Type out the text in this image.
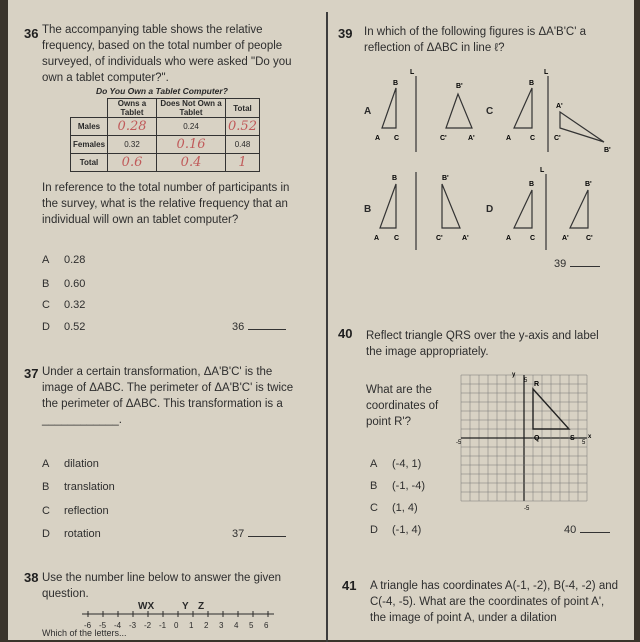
36 The accompanying table shows the relative frequency, based on the total number of people surveyed, of individuals who were asked "Do you own a tablet computer?".
Do You Own a Tablet Computer?
	Owns a Tablet	Does Not Own a Tablet	Total
Males	0.28	0.24	0.52
Females	0.32	0.16	0.48
Total	0.6	0.4	1
In reference to the total number of participants in the survey, what is the relative frequency that an individual will own an tablet computer?
A 0.28
B 0.60
C 0.32
D 0.52	36
37 Under a certain transformation, ΔA'B'C' is the image of ΔABC. The perimeter of ΔA'B'C' is twice the perimeter of ΔABC. This transformation is a ____________.
A dilation
B translation
C reflection
D rotation	37
38 Use the number line below to answer the given question.
WX	Y Z
-6 -5 -4 -3 -2 -1 0 1 2 3 4 5 6
Which of the letters...
39 In which of the following figures is ΔA'B'C' a reflection of ΔABC in line ℓ?
A	C
B	D
L
B
A C
B'
C'	A'
L
B
A	C
A'
C'
B'
B
A C
B'
C'	A'
L
B
A	C
B'
A' C'
39
40 Reflect triangle QRS over the y-axis and label the image appropriately.
What are the coordinates of point R'?
y
x
5
-5
-5	5
R
Q	S
A (-4, 1)
B (-1, -4)
C (1, 4)
D (-1, 4)	40
41 A triangle has coordinates A(-1, -2), B(-4, -2) and C(-4, -5). What are the coordinates of point A', the image of point A, under a dilation
